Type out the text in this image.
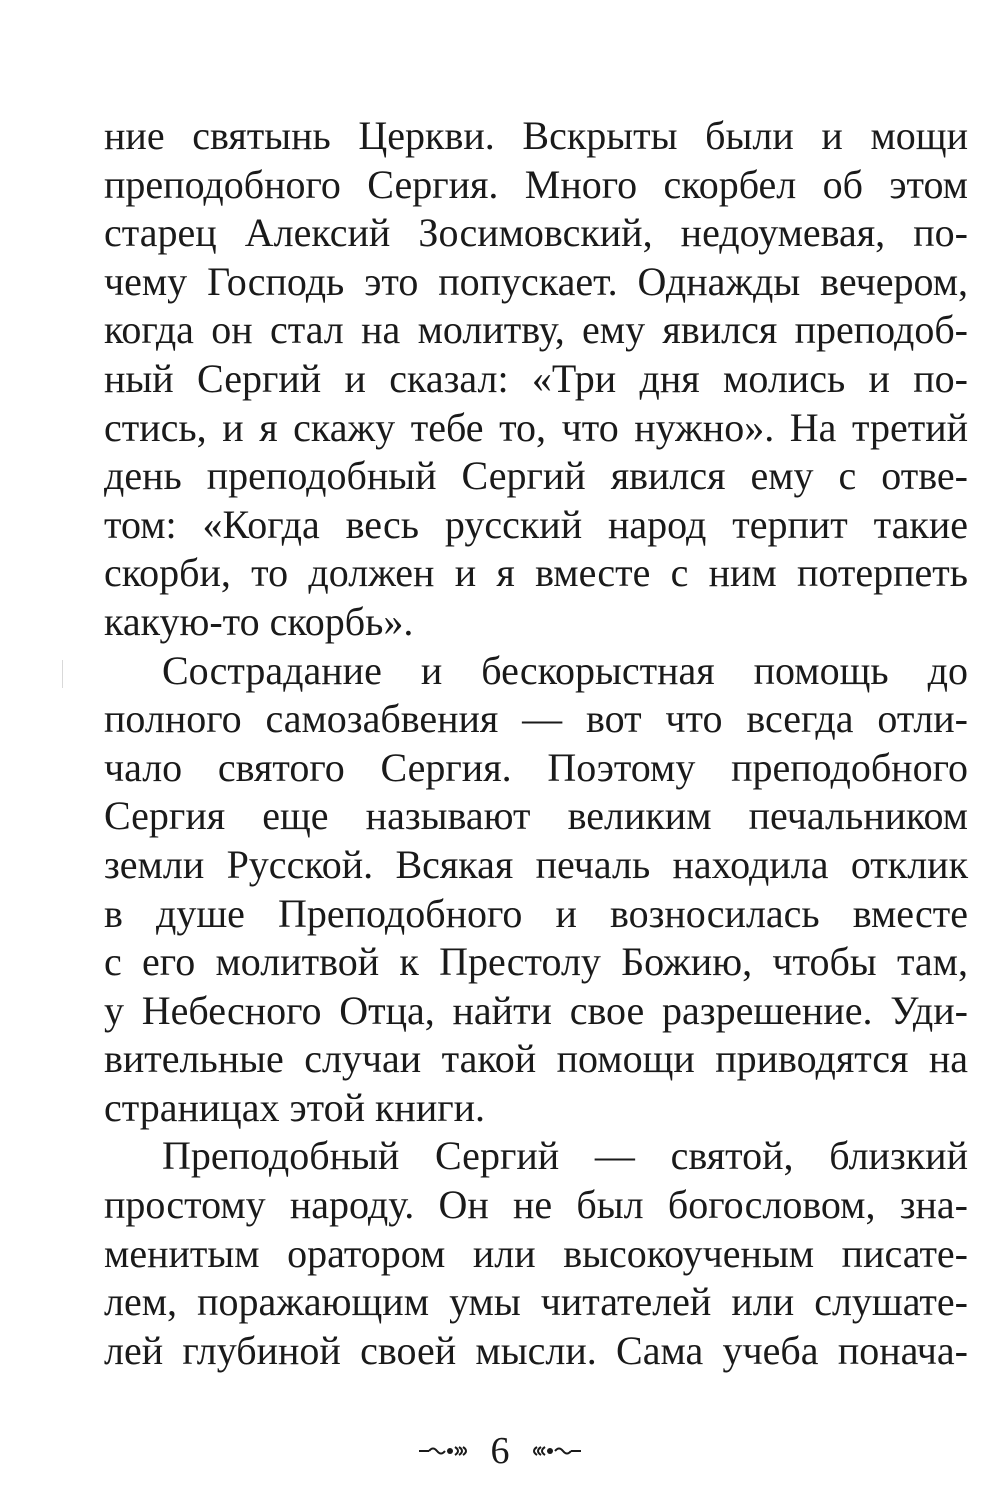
ние святынь Церкви. Вскрыты были и мощи
преподобного Сергия. Много скорбел об этом
старец Алексий Зосимовский, недоумевая, по-
чему Господь это попускает. Однажды вечером,
когда он стал на молитву, ему явился преподоб-
ный Сергий и сказал: «Три дня молись и по-
стись, и я скажу тебе то, что нужно». На третий
день преподобный Сергий явился ему с отве-
том: «Когда весь русский народ терпит такие
скорби, то должен и я вместе с ним потерпеть
какую-то скорбь».
Сострадание и бескорыстная помощь до
полного самозабвения — вот что всегда отли-
чало святого Сергия. Поэтому преподобного
Сергия еще называют великим печальником
земли Русской. Всякая печаль находила отклик
в душе Преподобного и возносилась вместе
с его молитвой к Престолу Божию, чтобы там,
у Небесного Отца, найти свое разрешение. Уди-
вительные случаи такой помощи приводятся на
страницах этой книги.
Преподобный Сергий — святой, близкий
простому народу. Он не был богословом, зна-
менитым оратором или высокоученым писате-
лем, поражающим умы читателей или слушате-
лей глубиной своей мысли. Сама учеба понача-
6
